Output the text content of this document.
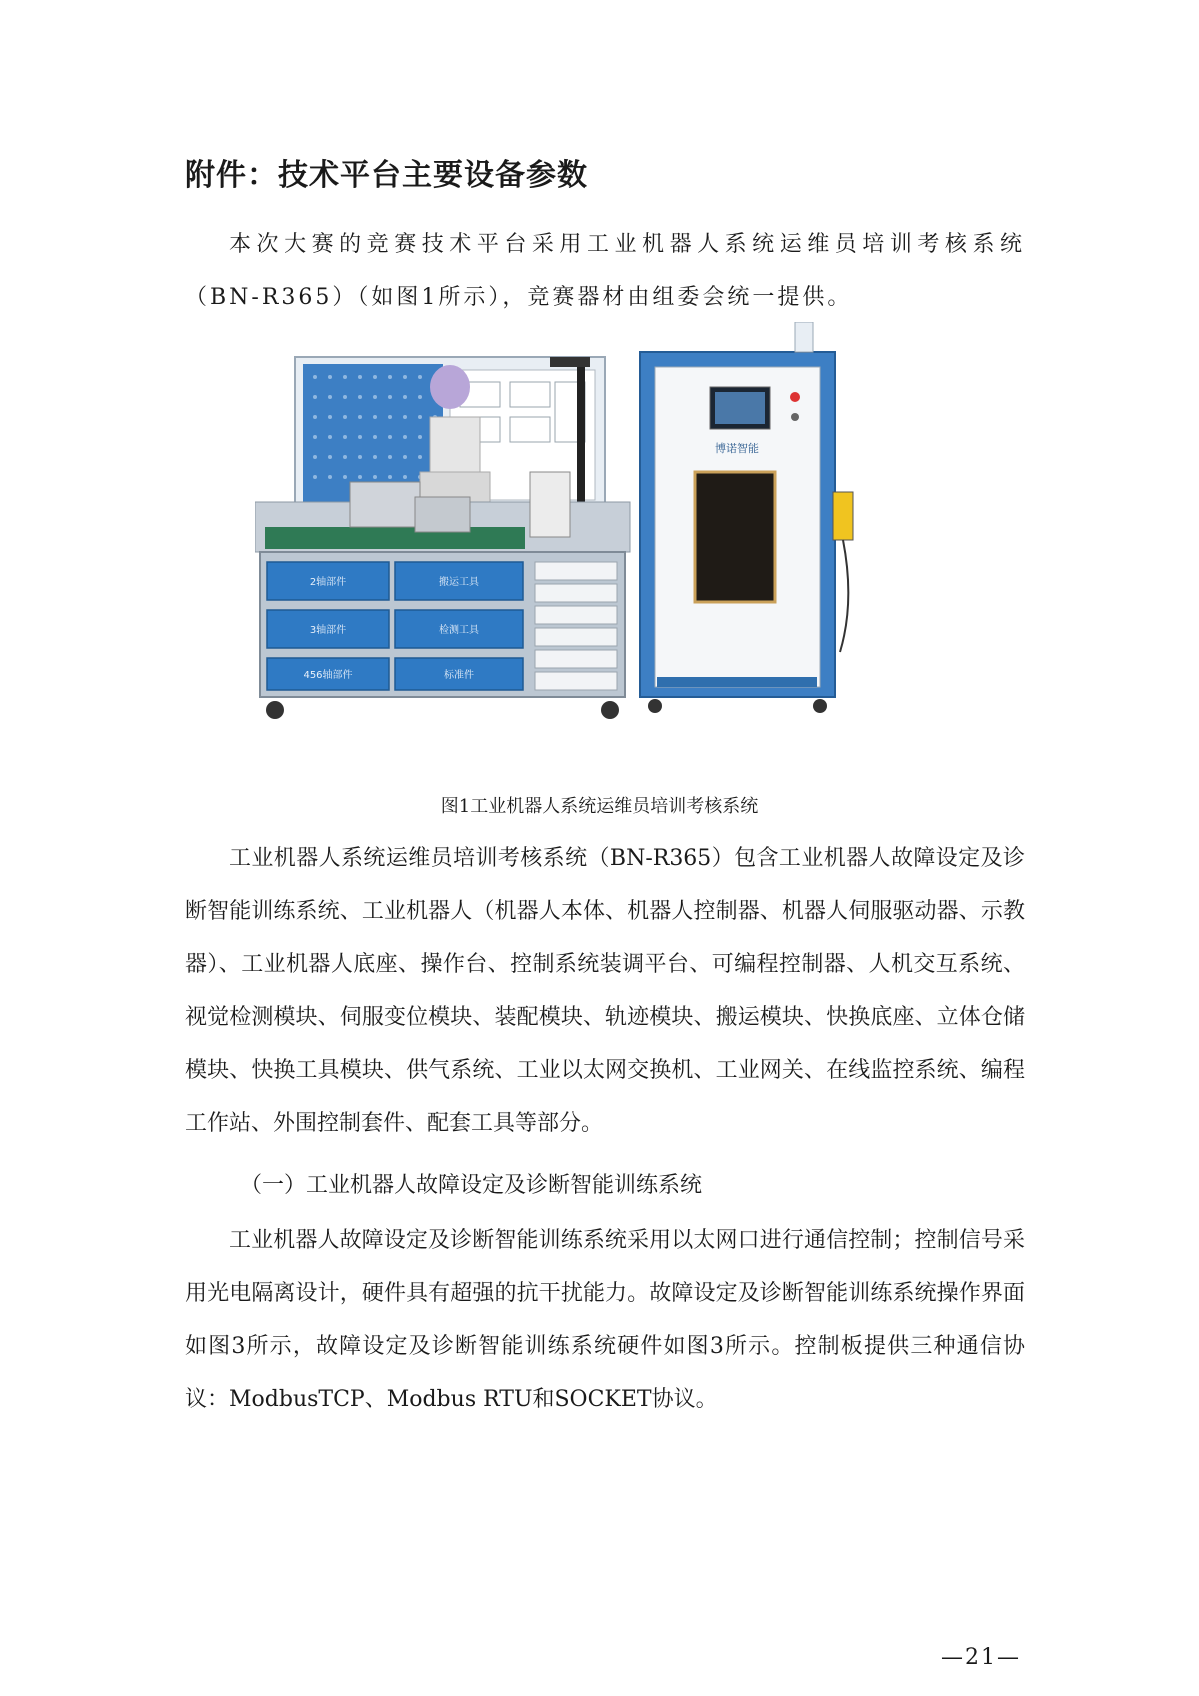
附件：技术平台主要设备参数

本次大赛的竞赛技术平台采用工业机器人系统运维员培训考核系统（BN-R365）（如图1所示），竞赛器材由组委会统一提供。

2轴部件	搬运工具
3轴部件	检测工具
456轴部件	标准件
博诺智能

图1工业机器人系统运维员培训考核系统

工业机器人系统运维员培训考核系统（BN-R365）包含工业机器人故障设定及诊断智能训练系统、工业机器人（机器人本体、机器人控制器、机器人伺服驱动器、示教器）、工业机器人底座、操作台、控制系统装调平台、可编程控制器、人机交互系统、视觉检测模块、伺服变位模块、装配模块、轨迹模块、搬运模块、快换底座、立体仓储模块、快换工具模块、供气系统、工业以太网交换机、工业网关、在线监控系统、编程工作站、外围控制套件、配套工具等部分。

（一）工业机器人故障设定及诊断智能训练系统

工业机器人故障设定及诊断智能训练系统采用以太网口进行通信控制；控制信号采用光电隔离设计，硬件具有超强的抗干扰能力。故障设定及诊断智能训练系统操作界面如图3所示，故障设定及诊断智能训练系统硬件如图3所示。控制板提供三种通信协议：ModbusTCP、Modbus RTU和SOCKET协议。

—21—
